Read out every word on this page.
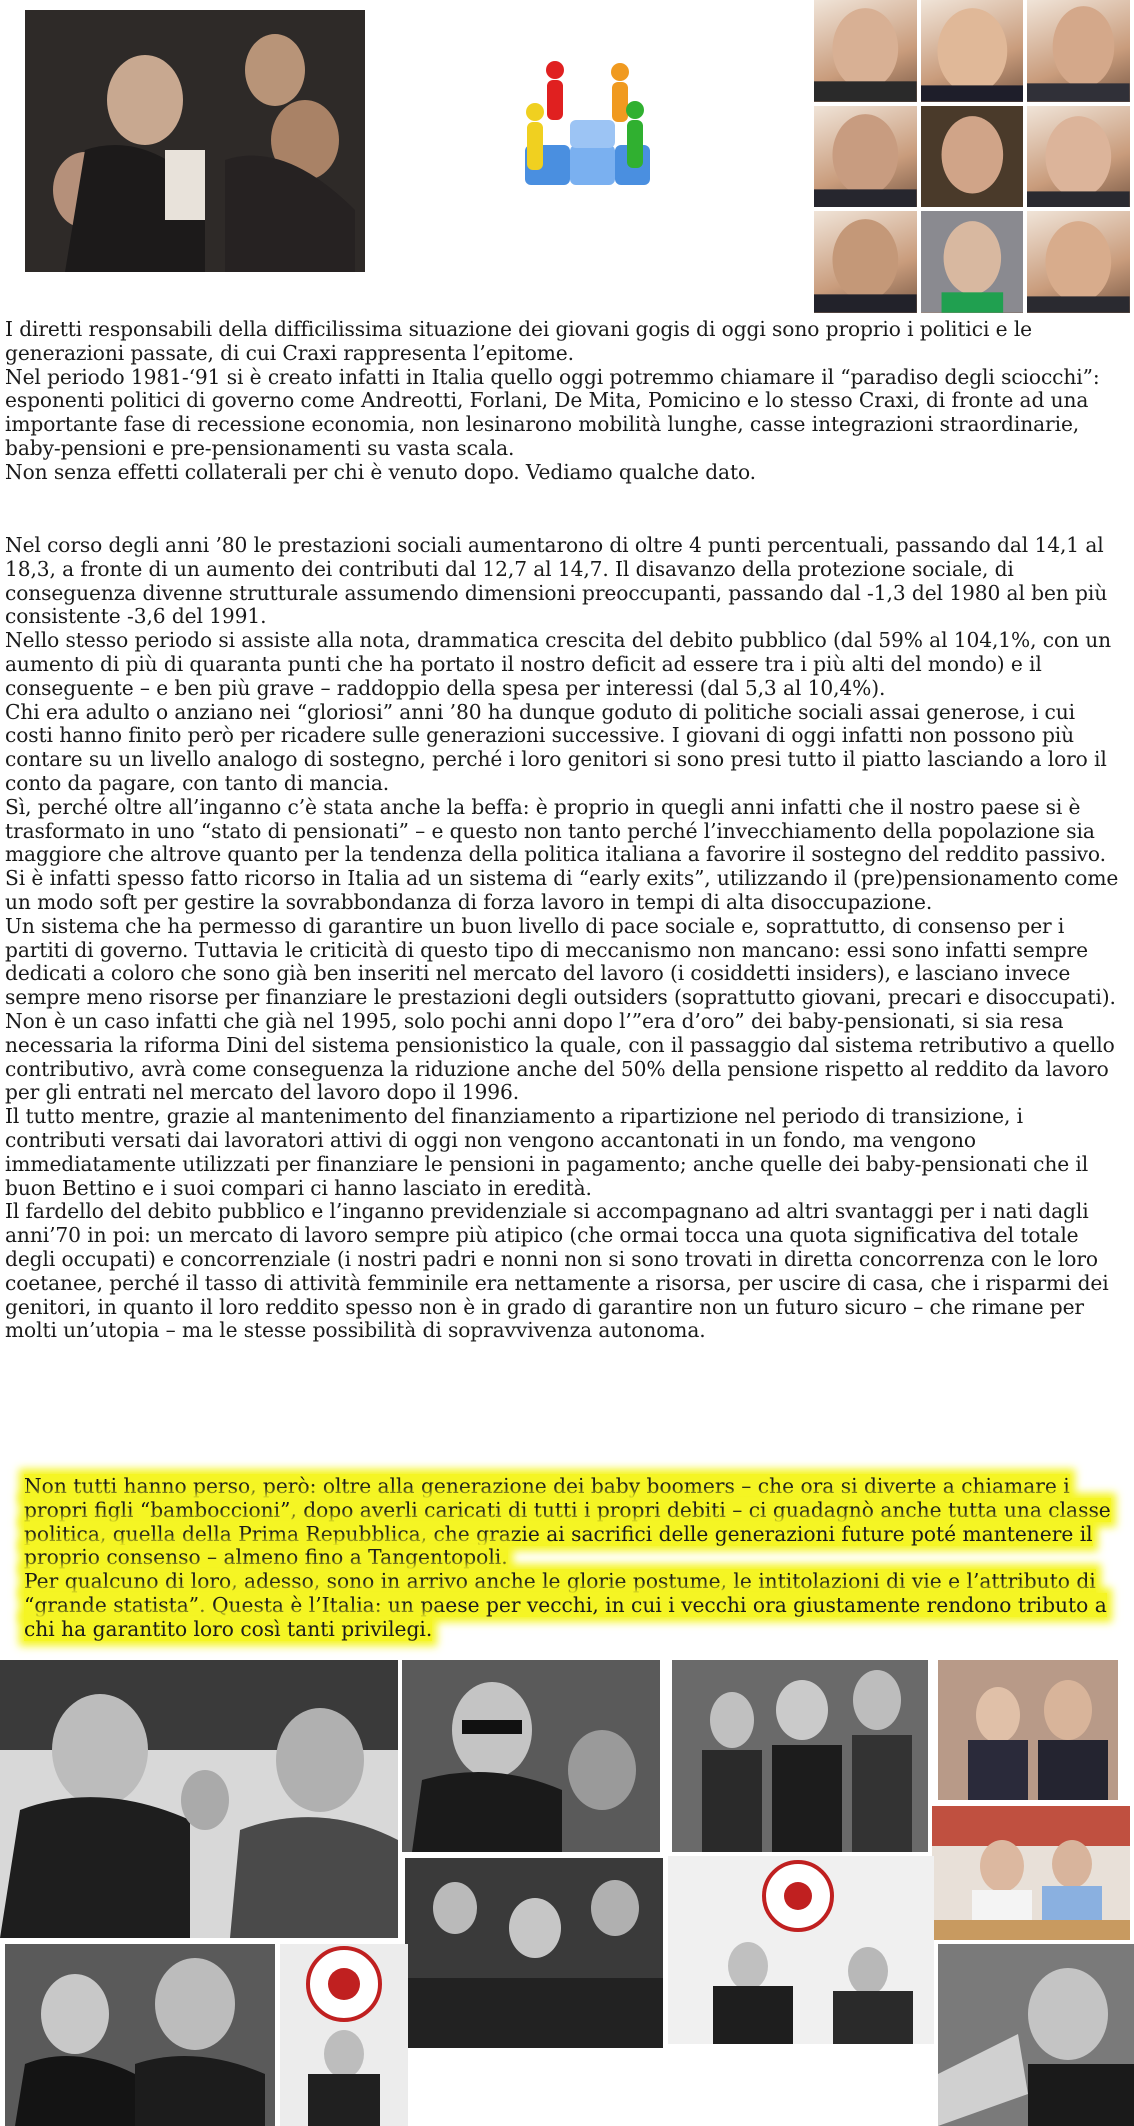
I diretti responsabili della difficilissima situazione dei giovani gogis di oggi sono proprio i politici e le generazioni passate, di cui Craxi rappresenta l’epitome.

Nel periodo 1981-‘91 si è creato infatti in Italia quello oggi potremmo chiamare il “paradiso degli sciocchi”: esponenti politici di governo come Andreotti, Forlani, De Mita, Pomicino e lo stesso Craxi, di fronte ad una importante fase di recessione economia, non lesinarono mobilità lunghe, casse integrazioni straordinarie, baby-pensioni e pre-pensionamenti su vasta scala.

Non senza effetti collaterali per chi è venuto dopo. Vediamo qualche dato.

Nel corso degli anni ’80 le prestazioni sociali aumentarono di oltre 4 punti percentuali, passando dal 14,1 al 18,3, a fronte di un aumento dei contributi dal 12,7 al 14,7. Il disavanzo della protezione sociale, di conseguenza divenne strutturale assumendo dimensioni preoccupanti, passando dal -1,3 del 1980 al ben più consistente -3,6 del 1991.

Nello stesso periodo si assiste alla nota, drammatica crescita del debito pubblico (dal 59% al 104,1%, con un aumento di più di quaranta punti che ha portato il nostro deficit ad essere tra i più alti del mondo) e il conseguente – e ben più grave – raddoppio della spesa per interessi (dal 5,3 al 10,4%).

Chi era adulto o anziano nei “gloriosi” anni ’80 ha dunque goduto di politiche sociali assai generose, i cui costi hanno finito però per ricadere sulle generazioni successive. I giovani di oggi infatti non possono più contare su un livello analogo di sostegno, perché i loro genitori si sono presi tutto il piatto lasciando a loro il conto da pagare, con tanto di mancia.

Sì, perché oltre all’inganno c’è stata anche la beffa: è proprio in quegli anni infatti che il nostro paese si è trasformato in uno “stato di pensionati” – e questo non tanto perché l’invecchiamento della popolazione sia maggiore che altrove quanto per la tendenza della politica italiana a favorire il sostegno del reddito passivo.

Si è infatti spesso fatto ricorso in Italia ad un sistema di “early exits”, utilizzando il (pre)pensionamento come un modo soft per gestire la sovrabbondanza di forza lavoro in tempi di alta disoccupazione.

Un sistema che ha permesso di garantire un buon livello di pace sociale e, soprattutto, di consenso per i partiti di governo. Tuttavia le criticità di questo tipo di meccanismo non mancano: essi sono infatti sempre dedicati a coloro che sono già ben inseriti nel mercato del lavoro (i cosiddetti insiders), e lasciano invece sempre meno risorse per finanziare le prestazioni degli outsiders (soprattutto giovani, precari e disoccupati).

Non è un caso infatti che già nel 1995, solo pochi anni dopo l’”era d’oro” dei baby-pensionati, si sia resa necessaria la riforma Dini del sistema pensionistico la quale, con il passaggio dal sistema retributivo a quello contributivo, avrà come conseguenza la riduzione anche del 50% della pensione rispetto al reddito da lavoro per gli entrati nel mercato del lavoro dopo il 1996.

Il tutto mentre, grazie al mantenimento del finanziamento a ripartizione nel periodo di transizione, i contributi versati dai lavoratori attivi di oggi non vengono accantonati in un fondo, ma vengono immediatamente utilizzati per finanziare le pensioni in pagamento; anche quelle dei baby-pensionati che il buon Bettino e i suoi compari ci hanno lasciato in eredità.

Il fardello del debito pubblico e l’inganno previdenziale si accompagnano ad altri svantaggi per i nati dagli anni’70 in poi: un mercato di lavoro sempre più atipico (che ormai tocca una quota significativa del totale degli occupati) e concorrenziale (i nostri padri e nonni non si sono trovati in diretta concorrenza con le loro coetanee, perché il tasso di attività femminile era nettamente a risorsa, per uscire di casa, che i risparmi dei genitori, in quanto il loro reddito spesso non è in grado di garantire non un futuro sicuro – che rimane per molti un’utopia – ma le stesse possibilità di sopravvivenza autonoma.

Non tutti hanno perso, però: oltre alla generazione dei baby boomers – che ora si diverte a chiamare i propri figli “bamboccioni”, dopo averli caricati di tutti i propri debiti – ci guadagnò anche tutta una classe politica, quella della Prima Repubblica, che grazie ai sacrifici delle generazioni future poté mantenere il proprio consenso – almeno fino a Tangentopoli.

Per qualcuno di loro, adesso, sono in arrivo anche le glorie postume, le intitolazioni di vie e l’attributo di “grande statista”. Questa è l’Italia: un paese per vecchi, in cui i vecchi ora giustamente rendono tributo a chi ha garantito loro così tanti privilegi.
